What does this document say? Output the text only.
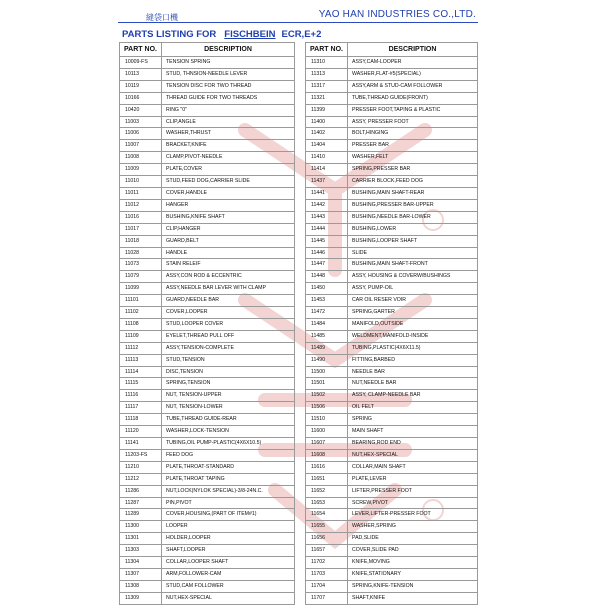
縫袋口機	YAO HAN INDUSTRIES CO.,LTD.
PARTS LISTING FOR FISCHBEIN ECR,E+2
PART NO.	DESCRIPTION
10009-FS	TENSION SPRING
10113	STUD, THNSION-NEEDLE LEVER
10119	TENSION DISC FOR TWO THREAD
10166	THREAD GUIDE FOR TWO THREADS
10420	RING "0"
11003	CLIP,ANGLE
11006	WASHER,THRUST
11007	BRACKET,KNIFE
11008	CLAMP,PIVOT-NEEDLE
11009	PLATE,COVER
11010	STUD,FEED DOG,CARRIER SLIDE
11011	COVER,HANDLE
11012	HANGER
11016	BUSHING,KNIFE SHAFT
11017	CLIP,HANGER
11018	GUARD,BELT
11028	HANDLE
11073	STAIN RELEIF
11079	ASSY,CON ROD & ECCENTRIC
11099	ASSY,NEEDLE BAR LEVER WITH CLAMP
11101	GUARD,NEEDLE BAR
11102	COVER,LOOPER
11108	STUD,LOOPER COVER
11109	EYELET,THREAD PULL OFF
11112	ASSY,TENSION-COMPLETE
11113	STUD,TENSION
11114	DISC,TENSION
11115	SPRING,TENSION
11116	NUT, TENSION-UPPER
11117	NUT, TENSION-LOWER
11118	TUBE,THREAD GUIDE-REAR
11120	WASHER,LOCK-TENSION
11141	TUBING,OIL PUMP-PLASTIC(4X6X10.5)
11203-FS	FEED DOG
11210	PLATE,THROAT-STANDARD
11212	PLATE,THROAT TAPING
11286	NUT,LOCK(NYLOK SPECIAL)-3/8-24N.C.
11287	PIN,PIVOT
11289	COVER,HOUSING,(PART OF ITEM#1)
11300	LOOPER
11301	HOLDER,LOOPER
11303	SHAFT,LOOPER
11304	COLLAR,LOOPER SHAFT
11307	ARM,FOLLOWER-CAM
11308	STUD,CAM FOLLOWER
11309	NUT,HEX-SPECIAL
PART NO.	DESCRIPTION
11310	ASSY,CAM-LOOPER
11313	WASHER,FLAT-#5(SPECIAL)
11317	ASSY,ARM & STUD-CAM FOLLOWER
11321	TUBE,THREAD GUIDE(FRONT)
11399	PRESSER FOOT,TAPING & PLASTIC
11400	ASSY, PRESSER FOOT
11402	BOLT,HINGING
11404	PRESSER BAR
11410	WASHER,FELT
11414	SPRING,PRESSER BAR
11437	CARRIER BLOCK,FEED DOG
11441	BUSHING,MAIN SHAFT-REAR
11442	BUSHING,PRESSER BAR-UPPER
11443	BUSHING,NEEDLE BAR-LOWER
11444	BUSHING,LOWER
11445	BUSHING,LOOPER SHAFT
11446	SLIDE
11447	BUSHING,MAIN SHAFT-FRONT
11448	ASSY, HOUSING & COVERW/BUSHINGS
11450	ASSY, PUMP-OIL
11453	CAR OIL RESER VOIR
11472	SPRING,GARTER
11484	MANIFOLD,OUTSIDE
11485	WELDMENT,MANIFOLD-INSIDE
11489	TUBING,PLASTIC(4X6X11.5)
11490	FITTING,BARBED
11500	NEEDLE BAR
11501	NUT,NEEDLE BAR
11502	ASSY, CLAMP-NEEDLE BAR
11506	OIL FELT
11510	SPRING
11600	MAIN SHAFT
11607	BEARING,ROD END
11608	NUT,HEX-SPECIAL
11616	COLLAR,MAIN SHAFT
11651	PLATE,LEVER
11652	LIFTER,PRESSER FOOT
11653	SCREW,PIVOT
11654	LEVER,LIFTER-PRESSER FOOT
11655	WASHER,SPRING
11656	PAD,SLIDE
11657	COVER,SLIDE PAD
11702	KNIFE,MOVING
11703	KNIFE,STATIONARY
11704	SPRING,KNIFE-TENSION
11707	SHAFT,KNIFE
